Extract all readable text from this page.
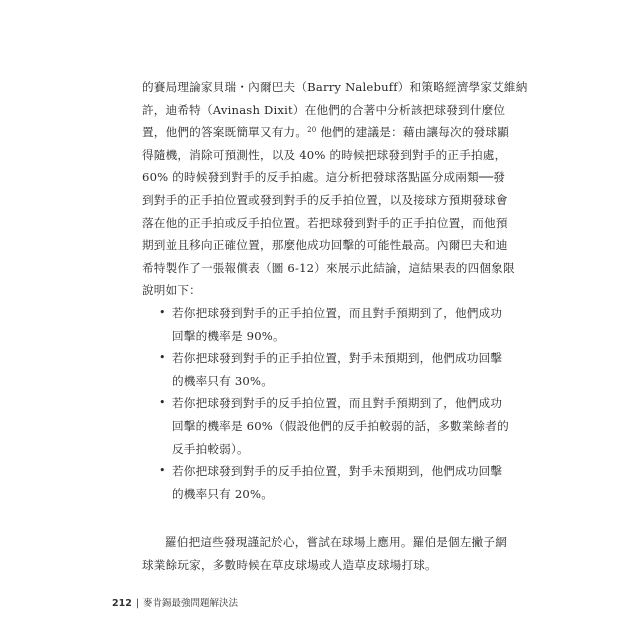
的賽局理論家貝瑞・內爾巴夫（Barry Nalebuff）和策略經濟學家艾維納
許，迪希特（Avinash Dixit）在他們的合著中分析該把球發到什麼位
置，他們的答案既簡單又有力。$^{20}$ 他們的建議是：藉由讓每次的發球顯
得隨機，消除可預測性，以及 40% 的時候把球發到對手的正手拍處，
60% 的時候發到對手的反手拍處。這分析把發球落點區分成兩類──發
到對手的正手拍位置或發到對手的反手拍位置，以及接球方預期發球會
落在他的正手拍或反手拍位置。若把球發到對手的正手拍位置，而他預
期到並且移向正確位置，那麼他成功回擊的可能性最高。內爾巴夫和迪
希特製作了一張報償表（圖 6-12）來展示此結論，這結果表的四個象限
說明如下：
• 若你把球發到對手的正手拍位置，而且對手預期到了，他們成功
回擊的機率是 90%。
• 若你把球發到對手的正手拍位置，對手未預期到，他們成功回擊
的機率只有 30%。
• 若你把球發到對手的反手拍位置，而且對手預期到了，他們成功
回擊的機率是 60%（假設他們的反手拍較弱的話，多數業餘者的
反手拍較弱）。
• 若你把球發到對手的反手拍位置，對手未預期到，他們成功回擊
的機率只有 20%。
羅伯把這些發現謹記於心，嘗試在球場上應用。羅伯是個左撇子網
球業餘玩家，多數時候在草皮球場或人造草皮球場打球。
212 | 麥肯錫最強問題解決法
